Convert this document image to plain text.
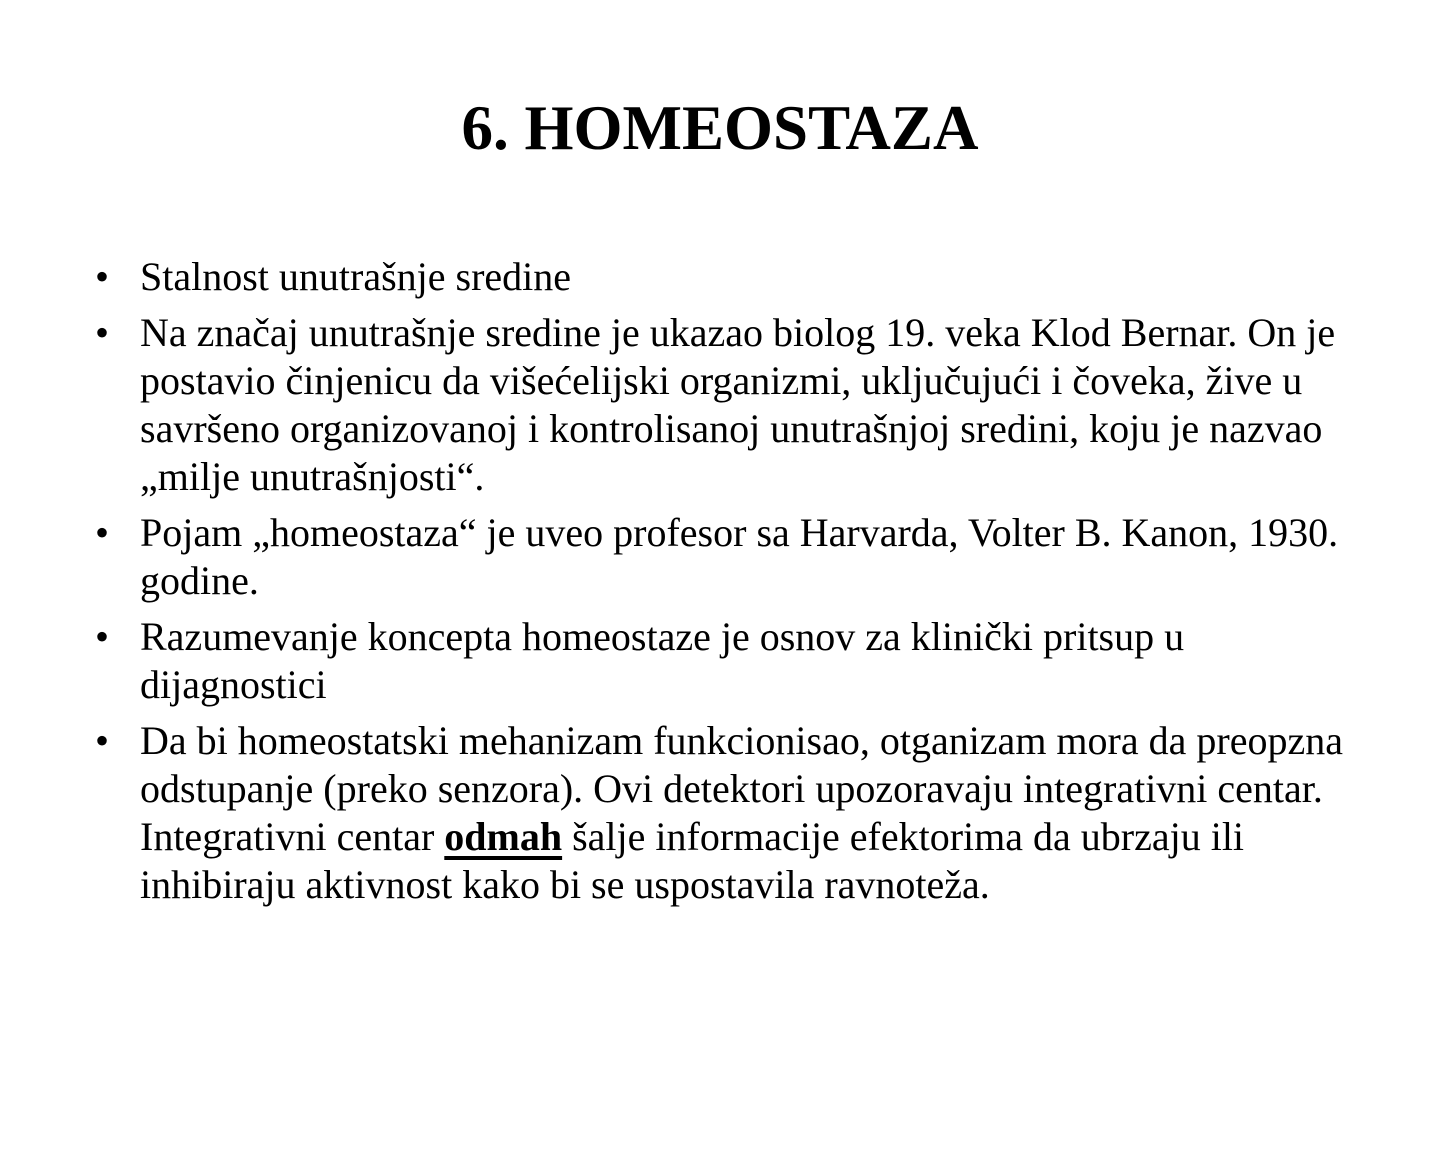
6. HOMEOSTAZA
• Stalnost unutrašnje sredine
• Na značaj unutrašnje sredine je ukazao biolog 19. veka Klod Bernar. On je postavio činjenicu da višećelijski organizmi, uključujući i čoveka, žive u savršeno organizovanoj i kontrolisanoj unutrašnjoj sredini, koju je nazvao „milje unutrašnjosti“.
• Pojam „homeostaza“ je uveo profesor sa Harvarda, Volter B. Kanon, 1930. godine.
• Razumevanje koncepta homeostaze je osnov za klinički pritsup u dijagnostici
• Da bi homeostatski mehanizam funkcionisao, otganizam mora da preopzna odstupanje (preko senzora). Ovi detektori upozoravaju integrativni centar. Integrativni centar odmah šalje informacije efektorima da ubrzaju ili inhibiraju aktivnost kako bi se uspostavila ravnoteža.
